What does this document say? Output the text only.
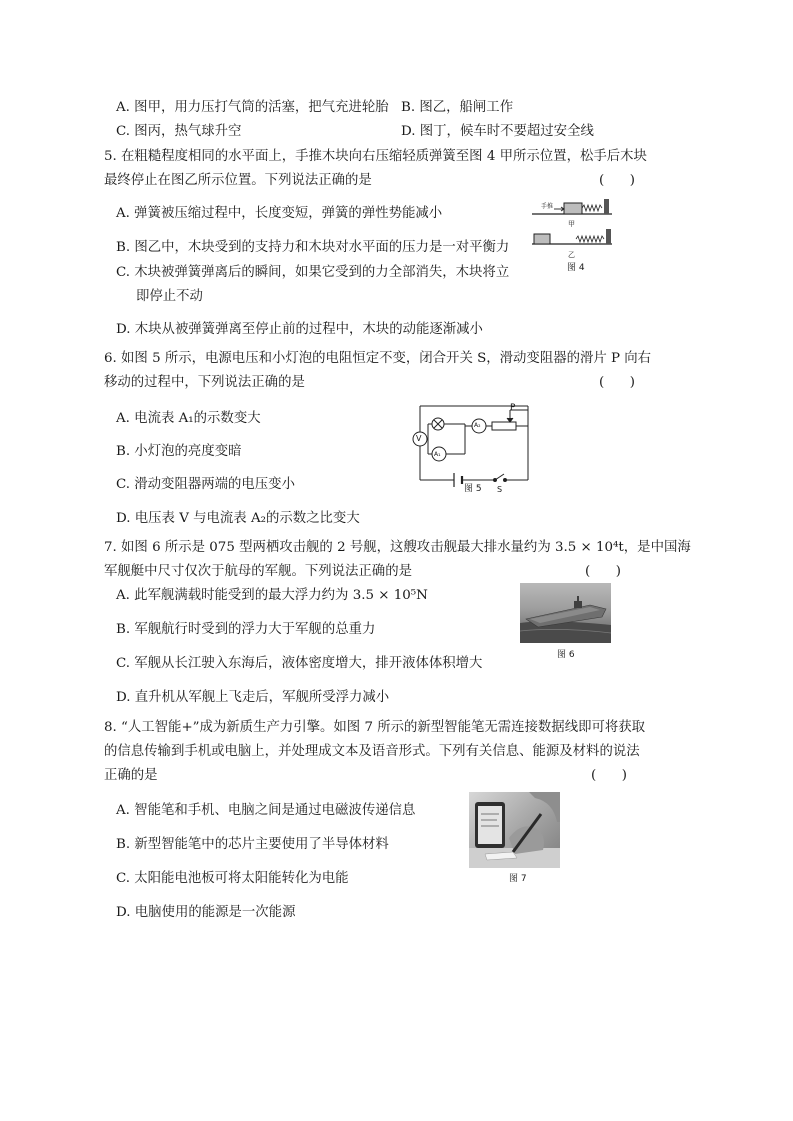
A. 图甲，用力压打气筒的活塞，把气充进轮胎 B. 图乙，船闸工作
C. 图丙，热气球升空	D. 图丁，候车时不要超过安全线
5. 在粗糙程度相同的水平面上，手推木块向右压缩轻质弹簧至图 4 甲所示位置，松手后木块
最终停止在图乙所示位置。下列说法正确的是	(      )
A. 弹簧被压缩过程中，长度变短，弹簧的弹性势能减小
B. 图乙中，木块受到的支持力和木块对水平面的压力是一对平衡力
C. 木块被弹簧弹离后的瞬间，如果它受到的力全部消失，木块将立
即停止不动
D. 木块从被弹簧弹离至停止前的过程中，木块的动能逐渐减小
手推
甲
乙
图 4
6. 如图 5 所示，电源电压和小灯泡的电阻恒定不变，闭合开关 S，滑动变阻器的滑片 P 向右
移动的过程中，下列说法正确的是	(      )
A. 电流表 A₁的示数变大
B. 小灯泡的亮度变暗
C. 滑动变阻器两端的电压变小
D. 电压表 V 与电流表 A₂的示数之比变大
P
V
A₂
A₁
S
图 5
7. 如图 6 所示是 075 型两栖攻击舰的 2 号舰，这艘攻击舰最大排水量约为 3.5 × 10⁴t，是中国海
军舰艇中尺寸仅次于航母的军舰。下列说法正确的是	(      )
A. 此军舰满载时能受到的最大浮力约为 3.5 × 10⁵N
B. 军舰航行时受到的浮力大于军舰的总重力
C. 军舰从长江驶入东海后，液体密度增大，排开液体体积增大
D. 直升机从军舰上飞走后，军舰所受浮力减小
图 6
8. “人工智能+”成为新质生产力引擎。如图 7 所示的新型智能笔无需连接数据线即可将获取
的信息传输到手机或电脑上，并处理成文本及语音形式。下列有关信息、能源及材料的说法
正确的是	(      )
A. 智能笔和手机、电脑之间是通过电磁波传递信息
B. 新型智能笔中的芯片主要使用了半导体材料
C. 太阳能电池板可将太阳能转化为电能
D. 电脑使用的能源是一次能源
图 7
